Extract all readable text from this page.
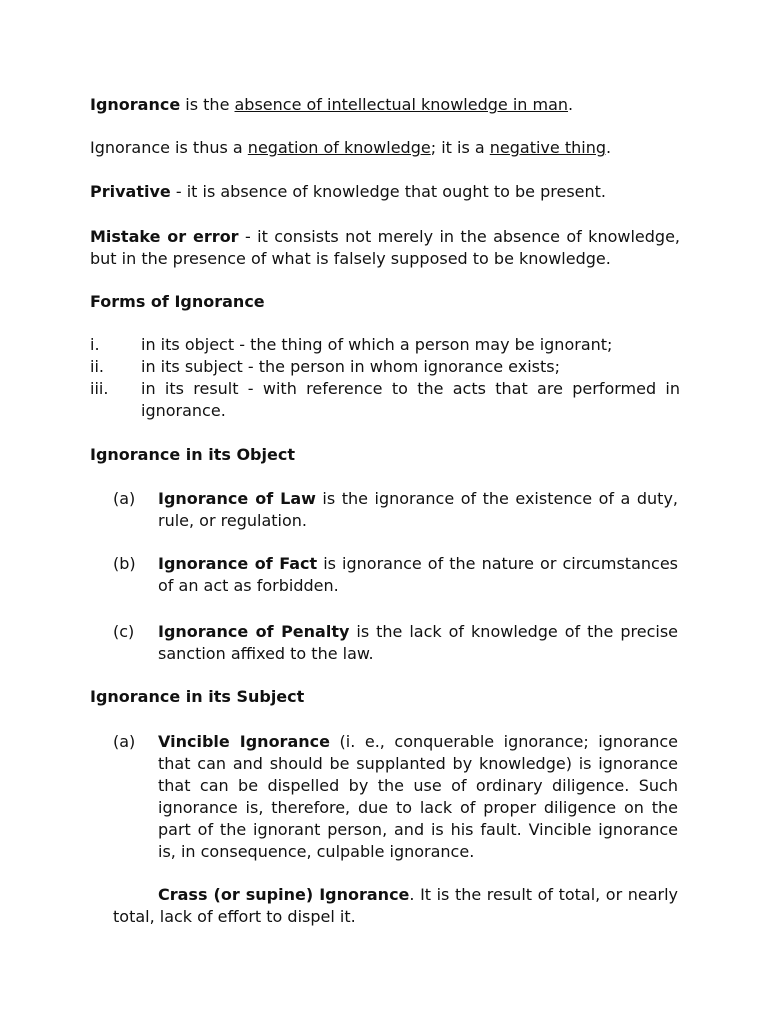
Ignorance is the absence of intellectual knowledge in man.

Ignorance is thus a negation of knowledge; it is a negative thing.

Privative - it is absence of knowledge that ought to be present.

Mistake or error - it consists not merely in the absence of knowledge, but in the presence of what is falsely supposed to be knowledge.

Forms of Ignorance

i.	in its object - the thing of which a person may be ignorant;
ii. in its subject - the person in whom ignorance exists;
iii. in its result - with reference to the acts that are performed in ignorance.

Ignorance in its Object

(a) Ignorance of Law is the ignorance of the existence of a duty, rule, or regulation.

(b) Ignorance of Fact is ignorance of the nature or circumstances of an act as forbidden.

(c) Ignorance of Penalty is the lack of knowledge of the precise sanction affixed to the law.

Ignorance in its Subject

(a) Vincible Ignorance (i. e., conquerable ignorance; ignorance that can and should be supplanted by knowledge) is ignorance that can be dispelled by the use of ordinary diligence. Such ignorance is, therefore, due to lack of proper diligence on the part of the ignorant person, and is his fault. Vincible ignorance is, in consequence, culpable ignorance.

Crass (or supine) Ignorance. It is the result of total, or nearly total, lack of effort to dispel it.
